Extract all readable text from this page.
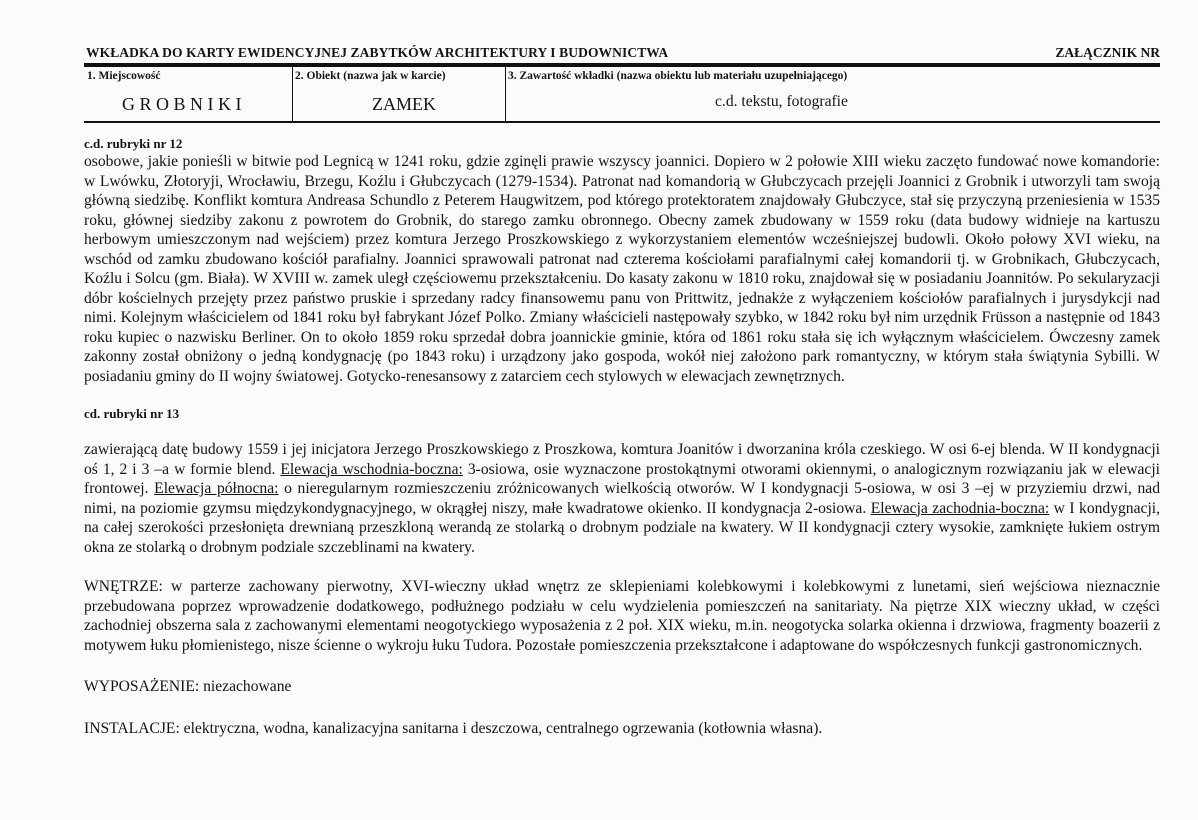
WKŁADKA DO KARTY EWIDENCYJNEJ ZABYTKÓW ARCHITEKTURY I BUDOWNICTWA	ZAŁĄCZNIK NR
1. Miejscowość
G R O B N I K I
2. Obiekt (nazwa jak w karcie)
ZAMEK
3. Zawartość wkładki (nazwa obiektu lub materiału uzupełniającego)
c.d. tekstu, fotografie
c.d. rubryki nr 12

osobowe, jakie ponieśli w bitwie pod Legnicą w 1241 roku, gdzie zginęli prawie wszyscy joannici. Dopiero w 2 połowie XIII wieku zaczęto fundować nowe komandorie: w Lwówku, Złotoryji, Wrocławiu, Brzegu, Koźlu i Głubczycach (1279-1534). Patronat nad komandorią w Głubczycach przejęli Joannici z Grobnik i utworzyli tam swoją główną siedzibę. Konflikt komtura Andreasa Schundlo z Peterem Haugwitzem, pod którego protektoratem znajdowały Głubczyce, stał się przyczyną przeniesienia w 1535 roku, głównej siedziby zakonu z powrotem do Grobnik, do starego zamku obronnego. Obecny zamek zbudowany w 1559 roku (data budowy widnieje na kartuszu herbowym umieszczonym nad wejściem) przez komtura Jerzego Proszkowskiego z wykorzystaniem elementów wcześniejszej budowli. Około połowy XVI wieku, na wschód od zamku zbudowano kościół parafialny. Joannici sprawowali patronat nad czterema kościołami parafialnymi całej komandorii tj. w Grobnikach, Głubczycach, Koźlu i Solcu (gm. Biała). W XVIII w. zamek uległ częściowemu przekształceniu. Do kasaty zakonu w 1810 roku, znajdował się w posiadaniu Joannitów. Po sekularyzacji dóbr kościelnych przejęty przez państwo pruskie i sprzedany radcy finansowemu panu von Prittwitz, jednakże z wyłączeniem kościołów parafialnych i jurysdykcji nad nimi. Kolejnym właścicielem od 1841 roku był fabrykant Józef Polko. Zmiany właścicieli następowały szybko, w 1842 roku był nim urzędnik Früsson a następnie od 1843 roku kupiec o nazwisku Berliner. On to około 1859 roku sprzedał dobra joannickie gminie, która od 1861 roku stała się ich wyłącznym właścicielem. Ówczesny zamek zakonny został obniżony o jedną kondygnację (po 1843 roku) i urządzony jako gospoda, wokół niej założono park romantyczny, w którym stała świątynia Sybilli. W posiadaniu gminy do II wojny światowej. Gotycko-renesansowy z zatarciem cech stylowych w elewacjach zewnętrznych.

cd. rubryki nr 13

zawierającą datę budowy 1559 i jej inicjatora Jerzego Proszkowskiego z Proszkowa, komtura Joanitów i dworzanina króla czeskiego. W osi 6-ej blenda. W II kondygnacji oś 1, 2 i 3 –a w formie blend. Elewacja wschodnia-boczna: 3-osiowa, osie wyznaczone prostokątnymi otworami okiennymi, o analogicznym rozwiązaniu jak w elewacji frontowej. Elewacja północna: o nieregularnym rozmieszczeniu zróżnicowanych wielkością otworów. W I kondygnacji 5-osiowa, w osi 3 –ej w przyziemiu drzwi, nad nimi, na poziomie gzymsu międzykondygnacyjnego, w okrągłej niszy, małe kwadratowe okienko. II kondygnacja 2-osiowa. Elewacja zachodnia-boczna: w I kondygnacji, na całej szerokości przesłonięta drewnianą przeszkloną werandą ze stolarką o drobnym podziale na kwatery. W II kondygnacji cztery wysokie, zamknięte łukiem ostrym okna ze stolarką o drobnym podziale szczeblinami na kwatery.

WNĘTRZE: w parterze zachowany pierwotny, XVI-wieczny układ wnętrz ze sklepieniami kolebkowymi i kolebkowymi z lunetami, sień wejściowa nieznacznie przebudowana poprzez wprowadzenie dodatkowego, podłużnego podziału w celu wydzielenia pomieszczeń na sanitariaty. Na piętrze XIX wieczny układ, w części zachodniej obszerna sala z zachowanymi elementami neogotyckiego wyposażenia z 2 poł. XIX wieku, m.in. neogotycka solarka okienna i drzwiowa, fragmenty boazerii z motywem łuku płomienistego, nisze ścienne o wykroju łuku Tudora. Pozostałe pomieszczenia przekształcone i adaptowane do współczesnych funkcji gastronomicznych.

WYPOSAŻENIE: niezachowane

INSTALACJE: elektryczna, wodna, kanalizacyjna sanitarna i deszczowa, centralnego ogrzewania (kotłownia własna).
